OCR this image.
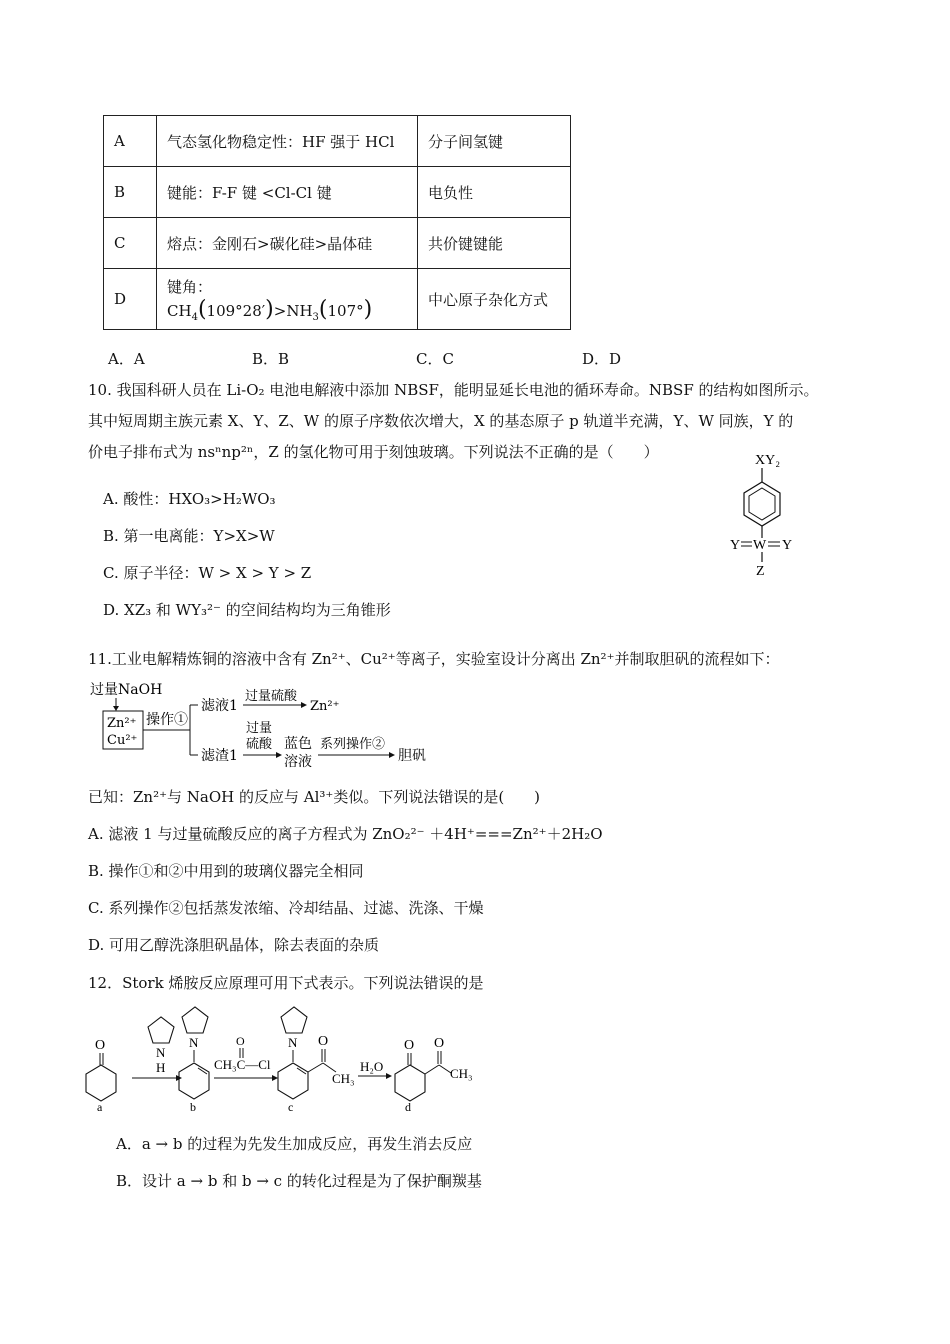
A	气态氢化物稳定性：HF 强于 HCl	分子间氢键
B	键能：F-F 键 <Cl-Cl 键	电负性
C	熔点：金刚石>碳化硅>晶体硅	共价键键能
D	键角：$CH_4(109^\circ 28')>NH_3(107^\circ)$	中心原子杂化方式
A．A	B．B	C．C	D．D
10. 我国科研人员在 Li-O₂ 电池电解液中添加 NBSF，能明显延长电池的循环寿命。NBSF 的结构如图所示。
其中短周期主族元素 X、Y、Z、W 的原子序数依次增大，X 的基态原子 p 轨道半充满，Y、W 同族，Y 的
价电子排布式为 nsⁿnp²ⁿ，Z 的氢化物可用于刻蚀玻璃。下列说法不正确的是（　　）
A. 酸性：HXO₃>H₂WO₃
B. 第一电离能：Y>X>W
C. 原子半径：W > X > Y > Z
D. XZ₃ 和 WY₃²⁻ 的空间结构均为三角锥形
XY₂
Y W Y
Z
11.工业电解精炼铜的溶液中含有 Zn²⁺、Cu²⁺等离子，实验室设计分离出 Zn²⁺并制取胆矾的流程如下：
过量NaOH
Zn²⁺
Cu²⁺
操作①
滤液1
过量硫酸
Zn²⁺
滤渣1
过量
硫酸 蓝色
溶液
系列操作②
胆矾
已知：Zn²⁺与 NaOH 的反应与 Al³⁺类似。下列说法错误的是(　　)
A. 滤液 1 与过量硫酸反应的离子方程式为 ZnO₂²⁻ ＋4H⁺===Zn²⁺＋2H₂O
B. 操作①和②中用到的玻璃仪器完全相同
C. 系列操作②包括蒸发浓缩、冷却结晶、过滤、洗涤、干燥
D. 可用乙醇洗涤胆矾晶体，除去表面的杂质
12．Stork 烯胺反应原理可用下式表示。下列说法错误的是
O
a
N
H
N
b
O
CH₃C—Cl
N O
CH₃
c
H₂O
O O
CH₃
d
A．a → b 的过程为先发生加成反应，再发生消去反应
B．设计 a → b 和 b → c 的转化过程是为了保护酮羰基
